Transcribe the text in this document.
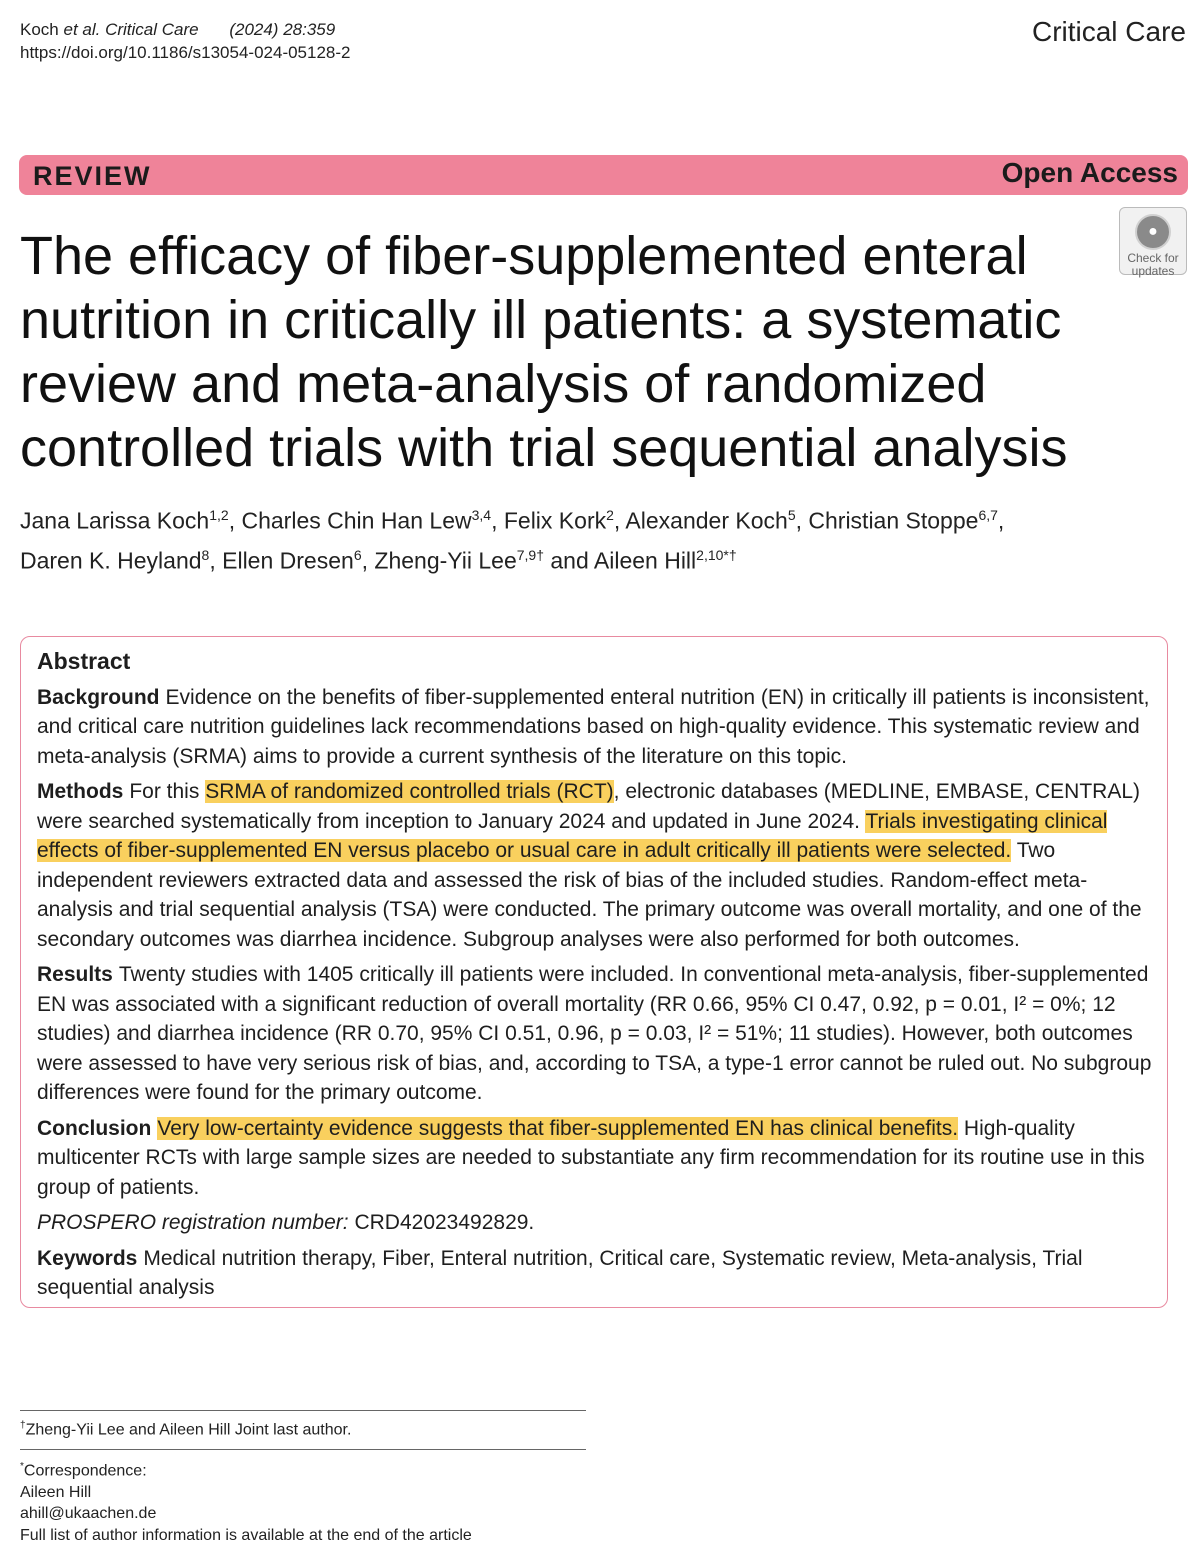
Koch et al. Critical Care (2024) 28:359
https://doi.org/10.1186/s13054-024-05128-2
Critical Care
REVIEW	Open Access
●
Check for
updates
The efficacy of fiber-supplemented enteral nutrition in critically ill patients: a systematic review and meta-analysis of randomized controlled trials with trial sequential analysis
Jana Larissa Koch$^{1,2}$, Charles Chin Han Lew$^{3,4}$, Felix Kork$^2$, Alexander Koch$^5$, Christian Stoppe$^{6,7}$,
Daren K. Heyland$^8$, Ellen Dresen$^6$, Zheng-Yii Lee$^{7,9\dagger}$ and Aileen Hill$^{2,10*\dagger}$
Abstract

Background Evidence on the benefits of fiber-supplemented enteral nutrition (EN) in critically ill patients is inconsistent, and critical care nutrition guidelines lack recommendations based on high-quality evidence. This systematic review and meta-analysis (SRMA) aims to provide a current synthesis of the literature on this topic.

Methods For this SRMA of randomized controlled trials (RCT), electronic databases (MEDLINE, EMBASE, CENTRAL) were searched systematically from inception to January 2024 and updated in June 2024. Trials investigating clinical effects of fiber-supplemented EN versus placebo or usual care in adult critically ill patients were selected. Two independent reviewers extracted data and assessed the risk of bias of the included studies. Random-effect meta-analysis and trial sequential analysis (TSA) were conducted. The primary outcome was overall mortality, and one of the secondary outcomes was diarrhea incidence. Subgroup analyses were also performed for both outcomes.

Results Twenty studies with 1405 critically ill patients were included. In conventional meta-analysis, fiber-supplemented EN was associated with a significant reduction of overall mortality (RR 0.66, 95% CI 0.47, 0.92, p = 0.01, I² = 0%; 12 studies) and diarrhea incidence (RR 0.70, 95% CI 0.51, 0.96, p = 0.03, I² = 51%; 11 studies). However, both outcomes were assessed to have very serious risk of bias, and, according to TSA, a type-1 error cannot be ruled out. No subgroup differences were found for the primary outcome.

Conclusion Very low-certainty evidence suggests that fiber-supplemented EN has clinical benefits. High-quality multicenter RCTs with large sample sizes are needed to substantiate any firm recommendation for its routine use in this group of patients.

PROSPERO registration number: CRD42023492829.

Keywords Medical nutrition therapy, Fiber, Enteral nutrition, Critical care, Systematic review, Meta-analysis, Trial sequential analysis

†Zheng-Yii Lee and Aileen Hill Joint last author.
*Correspondence:
Aileen Hill
ahill@ukaachen.de
Full list of author information is available at the end of the article
